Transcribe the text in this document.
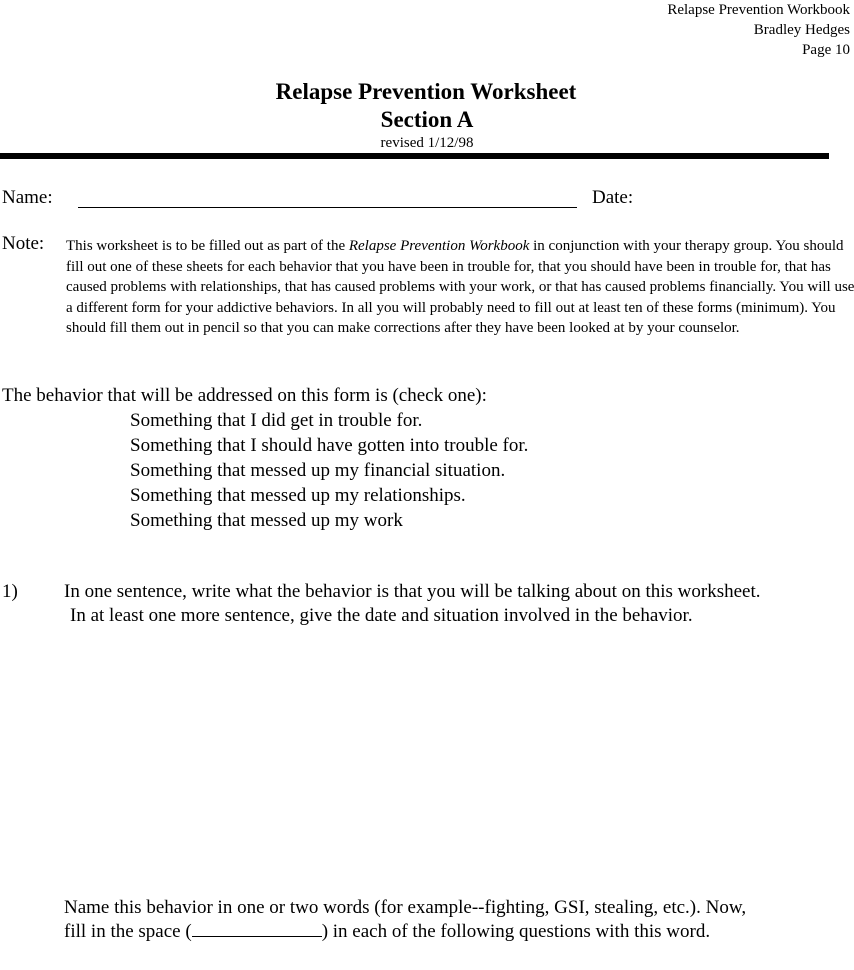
Relapse Prevention Workbook
Bradley Hedges
Page 10
Relapse Prevention Worksheet
Section A
revised 1/12/98
Name:	Date:
Note: This worksheet is to be filled out as part of the Relapse Prevention Workbook in conjunction with your therapy group. You should fill out one of these sheets for each behavior that you have been in trouble for, that you should have been in trouble for, that has caused problems with relationships, that has caused problems with your work, or that has caused problems financially. You will use a different form for your addictive behaviors. In all you will probably need to fill out at least ten of these forms (minimum). You should fill them out in pencil so that you can make corrections after they have been looked at by your counselor.
The behavior that will be addressed on this form is (check one):
Something that I did get in trouble for.
Something that I should have gotten into trouble for.
Something that messed up my financial situation.
Something that messed up my relationships.
Something that messed up my work
1) In one sentence, write what the behavior is that you will be talking about on this worksheet.
In at least one more sentence, give the date and situation involved in the behavior.
Name this behavior in one or two words (for example--fighting, GSI, stealing, etc.). Now,
fill in the space (	) in each of the following questions with this word.
